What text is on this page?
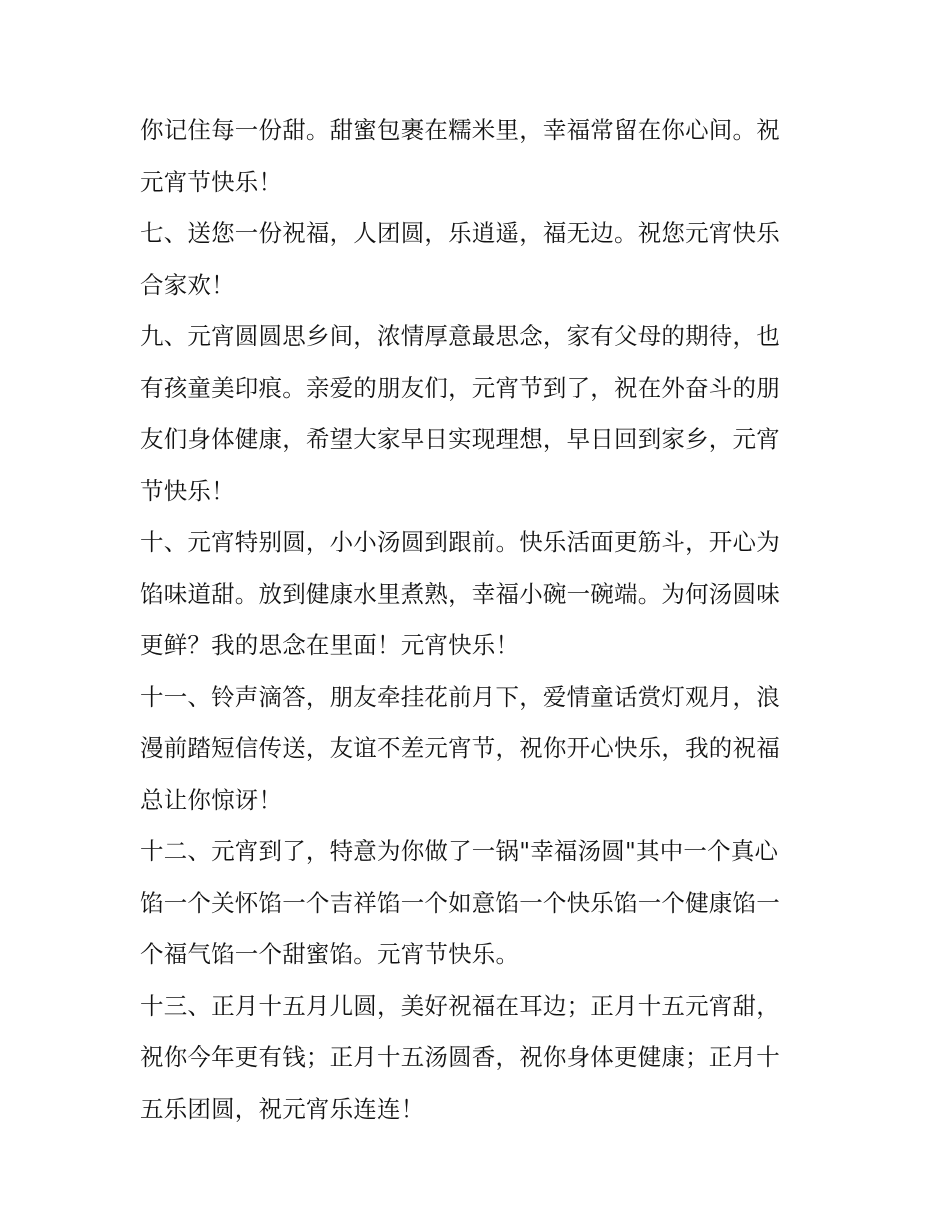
你记住每一份甜。甜蜜包裹在糯米里，幸福常留在你心间。祝
元宵节快乐！
七、送您一份祝福，人团圆，乐逍遥，福无边。祝您元宵快乐
合家欢！
九、元宵圆圆思乡间，浓情厚意最思念，家有父母的期待，也
有孩童美印痕。亲爱的朋友们，元宵节到了，祝在外奋斗的朋
友们身体健康，希望大家早日实现理想，早日回到家乡，元宵
节快乐！
十、元宵特别圆，小小汤圆到跟前。快乐活面更筋斗，开心为
馅味道甜。放到健康水里煮熟，幸福小碗一碗端。为何汤圆味
更鲜？我的思念在里面！元宵快乐！
十一、铃声滴答，朋友牵挂花前月下，爱情童话赏灯观月，浪
漫前踏短信传送，友谊不差元宵节，祝你开心快乐，我的祝福
总让你惊讶！
十二、元宵到了，特意为你做了一锅"幸福汤圆"其中一个真心
馅一个关怀馅一个吉祥馅一个如意馅一个快乐馅一个健康馅一
个福气馅一个甜蜜馅。元宵节快乐。
十三、正月十五月儿圆，美好祝福在耳边；正月十五元宵甜，
祝你今年更有钱；正月十五汤圆香，祝你身体更健康；正月十
五乐团圆，祝元宵乐连连！
